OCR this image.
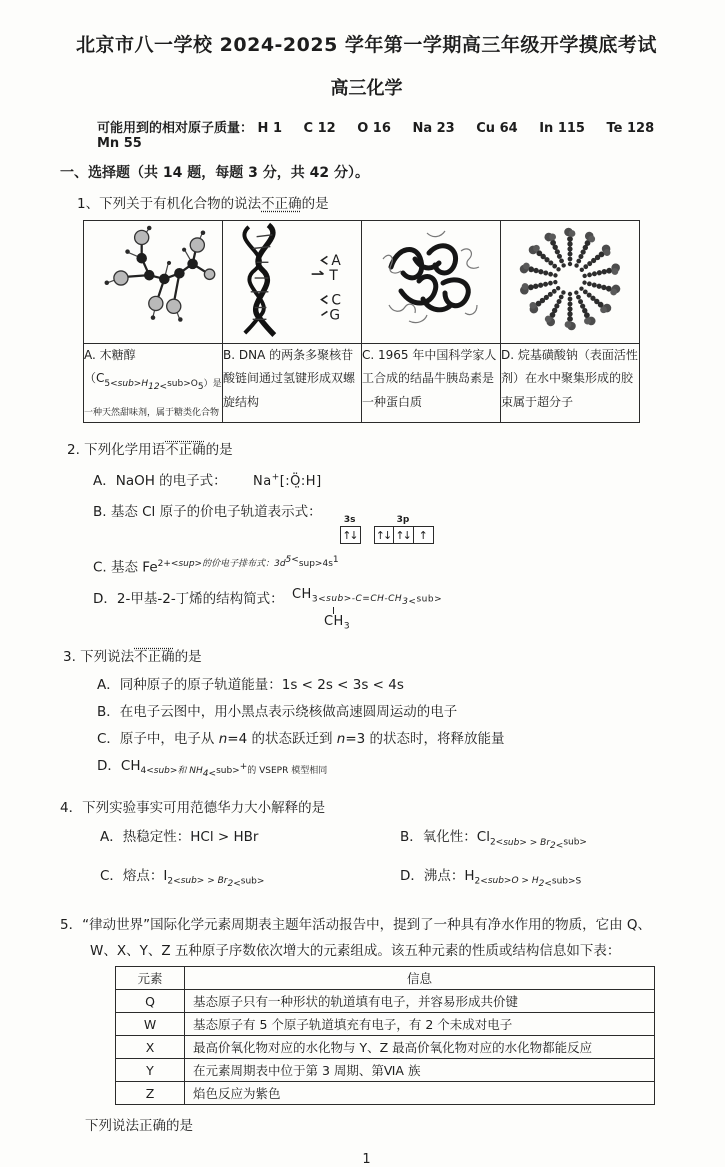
北京市八一学校 2024-2025 学年第一学期高三年级开学摸底考试
高三化学

可能用到的相对原子质量： H 1 C 12 O 16 Na 23 Cu 64 In 115 Te 128 Mn 55

一、选择题（共 14 题，每题 3 分，共 42 分）。

1、下列关于有机化合物的说法不正确的是

A
T
C
G

A. 木糖醇（$C_{5<sub>H_{12<}sub>O_5)是一种天然甜味剂,属于糖类化合物}$	B. DNA 的两条多聚核苷酸链间通过氢键形成双螺旋结构	C. 1965 年中国科学家人工合成的结晶牛胰岛素是一种蛋白质	D. 烷基磺酸钠（表面活性剂）在水中聚集形成的胶束属于超分子

2. 下列化学用语不正确的是

A．NaOH 的电子式： Na+[:Ö̤:H]

B. 基态 Cl 原子的价电子轨道表示式： 3s
↑↓
3p
↑↓ ↑↓ ↑

C. 基态 $Fe^{2+<sup>的价电子排布式:3d^{5<}sup>4s^1}$

D．2-甲基-2-丁烯的结构简式： $CH_{3<sub>-C=CH-CH_{3<}sub>}$
$CH_3$

3. 下列说法不正确的是

A．同种原子的原子轨道能量：1s < 2s < 3s < 4s

B．在电子云图中，用小黑点表示绕核做高速圆周运动的电子

C．原子中，电子从 n=4 的状态跃迁到 n=3 的状态时，将释放能量

D．$CH_{4<sub>和 NH_{4<}sub>^+的 VSEPR 模型相同}$

4．下列实验事实可用范德华力大小解释的是

A．热稳定性：HCl > HBr	B．氧化性：$Cl_{2<sub> > Br_{2<}sub>}$
C．熔点：$I_{2<sub> > Br_{2<}sub>}$	D．沸点：$H_{2<sub>O > H_{2<}sub>S}$

5．“律动世界”国际化学元素周期表主题年活动报告中，提到了一种具有净水作用的物质，它由 Q、

W、X、Y、Z 五种原子序数依次增大的元素组成。该五种元素的性质或结构信息如下表：

元素	信息
Q	基态原子只有一种形状的轨道填有电子，并容易形成共价键
W	基态原子有 5 个原子轨道填充有电子，有 2 个未成对电子
X	最高价氧化物对应的水化物与 Y、Z 最高价氧化物对应的水化物都能反应
Y	在元素周期表中位于第 3 周期、第ⅥA 族
Z	焰色反应为紫色

下列说法正确的是

1
